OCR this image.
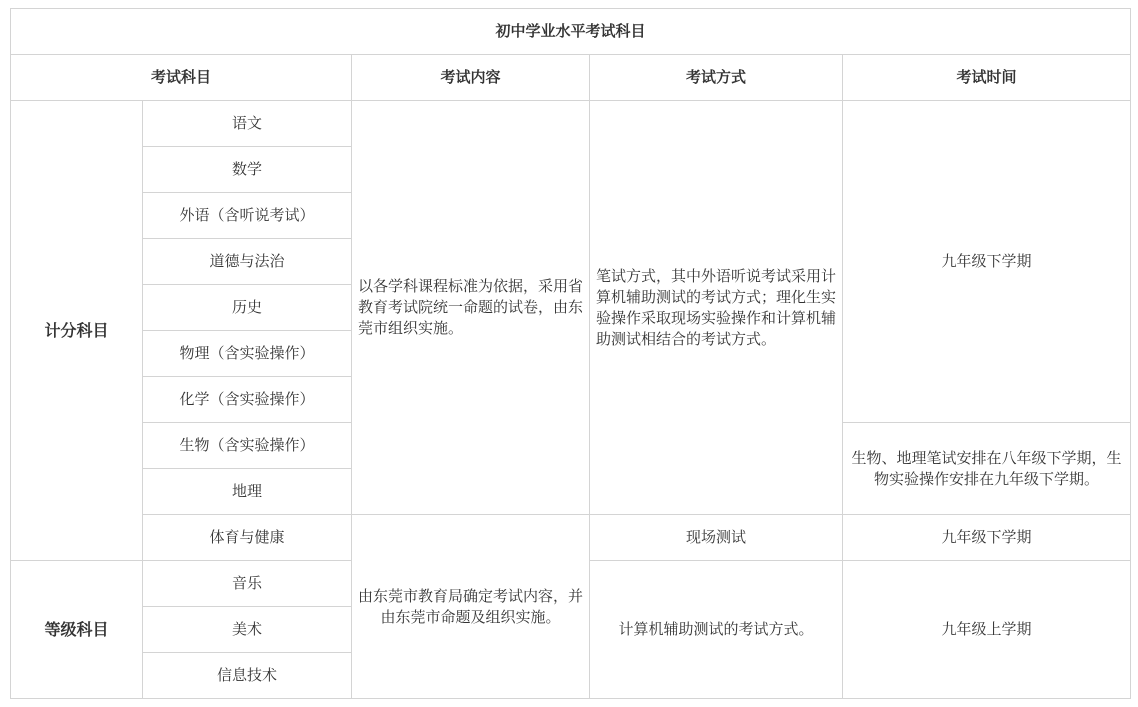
初中学业水平考试科目				
考试科目		考试内容	考试方式	考试时间
计分科目	语文	以各学科课程标准为依据，采用省教育考试院统一命题的试卷，由东莞市组织实施。	笔试方式，其中外语听说考试采用计算机辅助测试的考试方式；理化生实验操作采取现场实验操作和计算机辅助测试相结合的考试方式。	九年级下学期
	数学			
	外语（含听说考试）			
	道德与法治			
	历史			
	物理（含实验操作）			
	化学（含实验操作）			
	生物（含实验操作）			生物、地理笔试安排在八年级下学期，生物实验操作安排在九年级下学期。
	地理			
	体育与健康	由东莞市教育局确定考试内容，并由东莞市命题及组织实施。	现场测试	九年级下学期
等级科目	音乐		计算机辅助测试的考试方式。	九年级上学期
	美术			
	信息技术			
